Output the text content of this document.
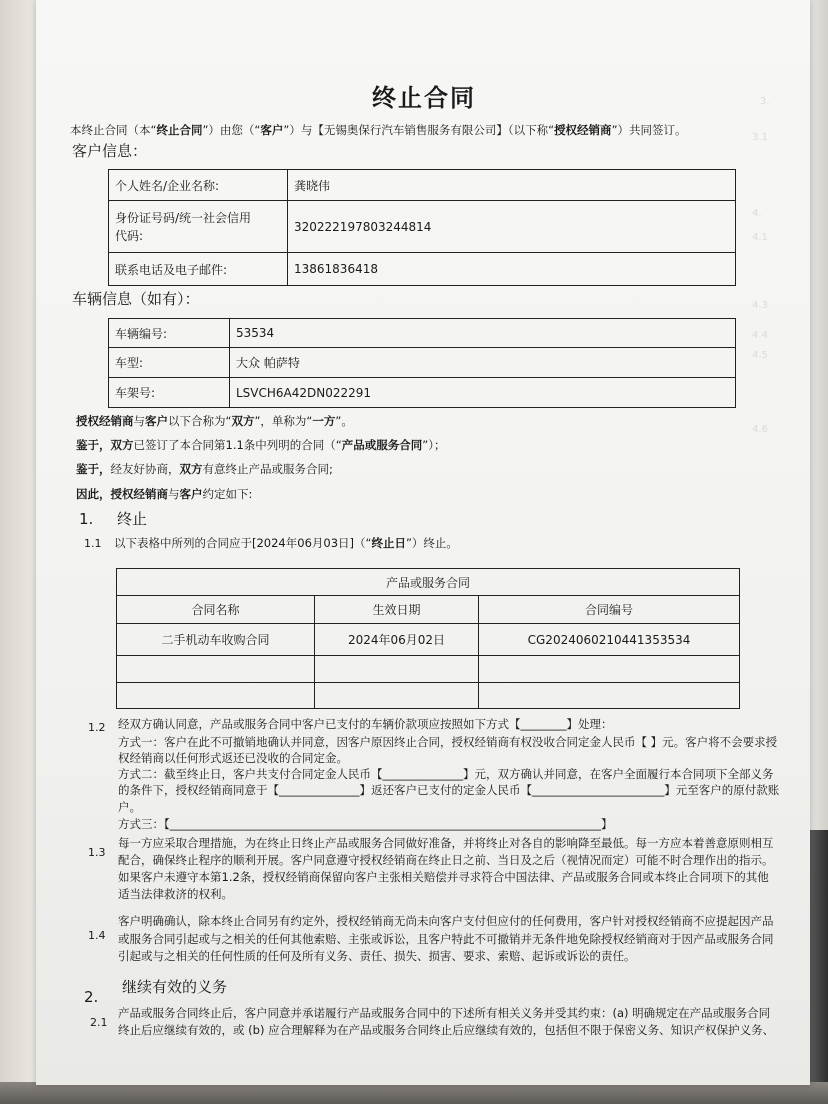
3.
3.1
4.
4.1
4.3
4.4
4.5
4.6
终止合同
本终止合同（本“终止合同”）由您（“客户”）与【无锡奥保行汽车销售服务有限公司】（以下称“授权经销商”）共同签订。
客户信息：
个人姓名/企业名称:	龚晓伟
身份证号码/统一社会信用
代码:	320222197803244814
联系电话及电子邮件:	13861836418
车辆信息（如有）：
车辆编号:	53534
车型:	大众 帕萨特
车架号:	LSVCH6A42DN022291
授权经销商与客户以下合称为“双方”，单称为“一方”。
鉴于，双方已签订了本合同第1.1条中列明的合同（“产品或服务合同”）；
鉴于，经友好协商，双方有意终止产品或服务合同;
因此，授权经销商与客户约定如下:
1. 终止
1.1 以下表格中所列的合同应于[2024年06月03日]（“终止日”）终止。
产品或服务合同		
合同名称	生效日期	合同编号
二手机动车收购合同	2024年06月02日	CG2024060210441353534

1.2 经双方确认同意，产品或服务合同中客户已支付的车辆价款项应按照如下方式【________】处理：
方式一：客户在此不可撤销地确认并同意，因客户原因终止合同，授权经销商有权没收合同定金人民币【 】元。客户将不会要求授
权经销商以任何形式返还已没收的合同定金。
方式二：截至终止日，客户共支付合同定金人民币【______________】元，双方确认并同意，在客户全面履行本合同项下全部义务
的条件下，授权经销商同意于【______________】返还客户已支付的定金人民币【_______________________】元至客户的原付款账
户。
方式三：【___________________________________________________________________________】
1.3
每一方应采取合理措施，为在终止日终止产品或服务合同做好准备，并将终止对各自的影响降至最低。每一方应本着善意原则相互
配合，确保终止程序的顺利开展。客户同意遵守授权经销商在终止日之前、当日及之后（视情况而定）可能不时合理作出的指示。
如果客户未遵守本第1.2条，授权经销商保留向客户主张相关赔偿并寻求符合中国法律、产品或服务合同或本终止合同项下的其他
适当法律救济的权利。
1.4
客户明确确认，除本终止合同另有约定外，授权经销商无尚未向客户支付但应付的任何费用，客户针对授权经销商不应提起因产品
或服务合同引起或与之相关的任何其他索赔、主张或诉讼，且客户特此不可撤销并无条件地免除授权经销商对于因产品或服务合同
引起或与之相关的任何性质的任何及所有义务、责任、损失、损害、要求、索赔、起诉或诉讼的责任。
2.
继续有效的义务
2.1
产品或服务合同终止后，客户同意并承诺履行产品或服务合同中的下述所有相关义务并受其约束：(a) 明确规定在产品或服务合同
终止后应继续有效的，或 (b) 应合理解释为在产品或服务合同终止后应继续有效的，包括但不限于保密义务、知识产权保护义务、
